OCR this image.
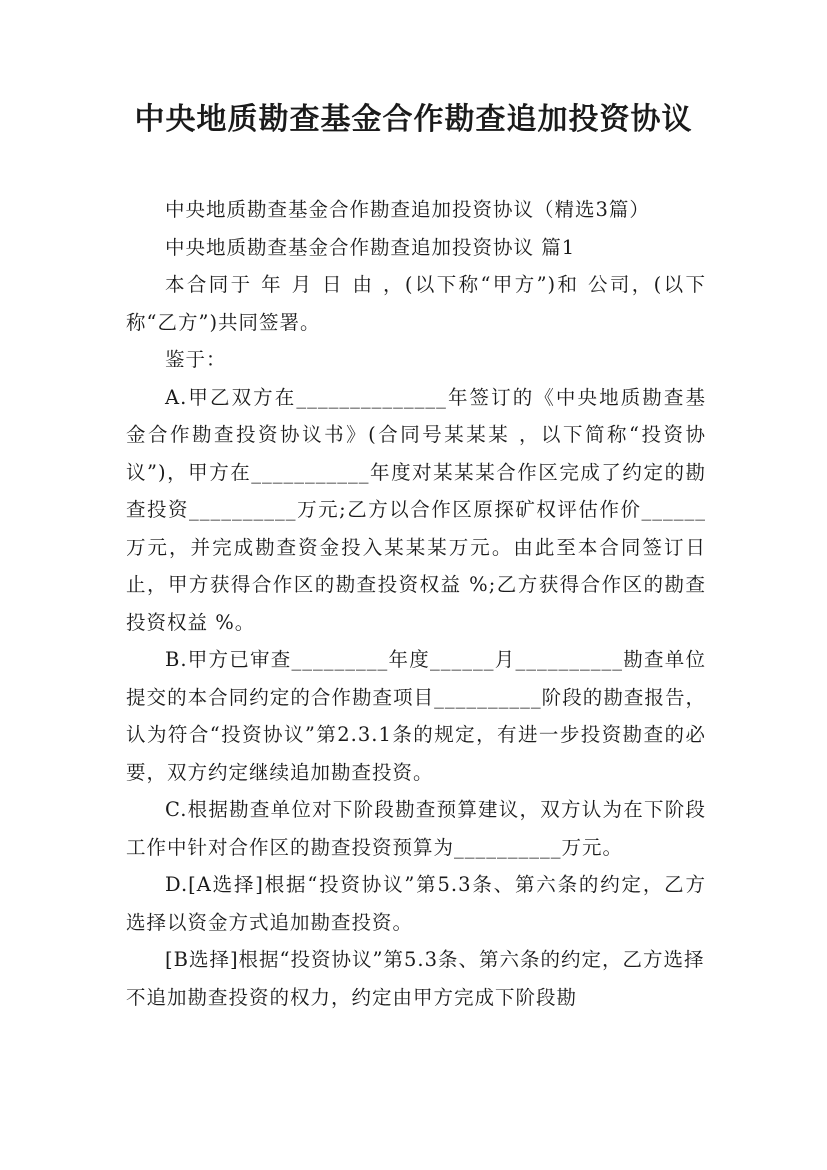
中央地质勘查基金合作勘查追加投资协议

中央地质勘查基金合作勘查追加投资协议（精选3篇）

中央地质勘查基金合作勘查追加投资协议 篇1

本合同于 年 月 日 由 ，(以下称“甲方”)和 公司，(以下称“乙方”)共同签署。

鉴于：

A.甲乙双方在______________年签订的《中央地质勘查基金合作勘查投资协议书》(合同号某某某 ，以下简称“投资协议”)，甲方在___________年度对某某某合作区完成了约定的勘查投资__________万元;乙方以合作区原探矿权评估作价______万元，并完成勘查资金投入某某某万元。由此至本合同签订日止，甲方获得合作区的勘查投资权益 %;乙方获得合作区的勘查投资权益 %。

B.甲方已审查_________年度______月__________勘查单位提交的本合同约定的合作勘查项目__________阶段的勘查报告，认为符合“投资协议”第2.3.1条的规定，有进一步投资勘查的必要，双方约定继续追加勘查投资。

C.根据勘查单位对下阶段勘查预算建议，双方认为在下阶段工作中针对合作区的勘查投资预算为__________万元。

D.[A选择]根据“投资协议”第5.3条、第六条的约定，乙方选择以资金方式追加勘查投资。

[B选择]根据“投资协议”第5.3条、第六条的约定，乙方选择不追加勘查投资的权力，约定由甲方完成下阶段勘
